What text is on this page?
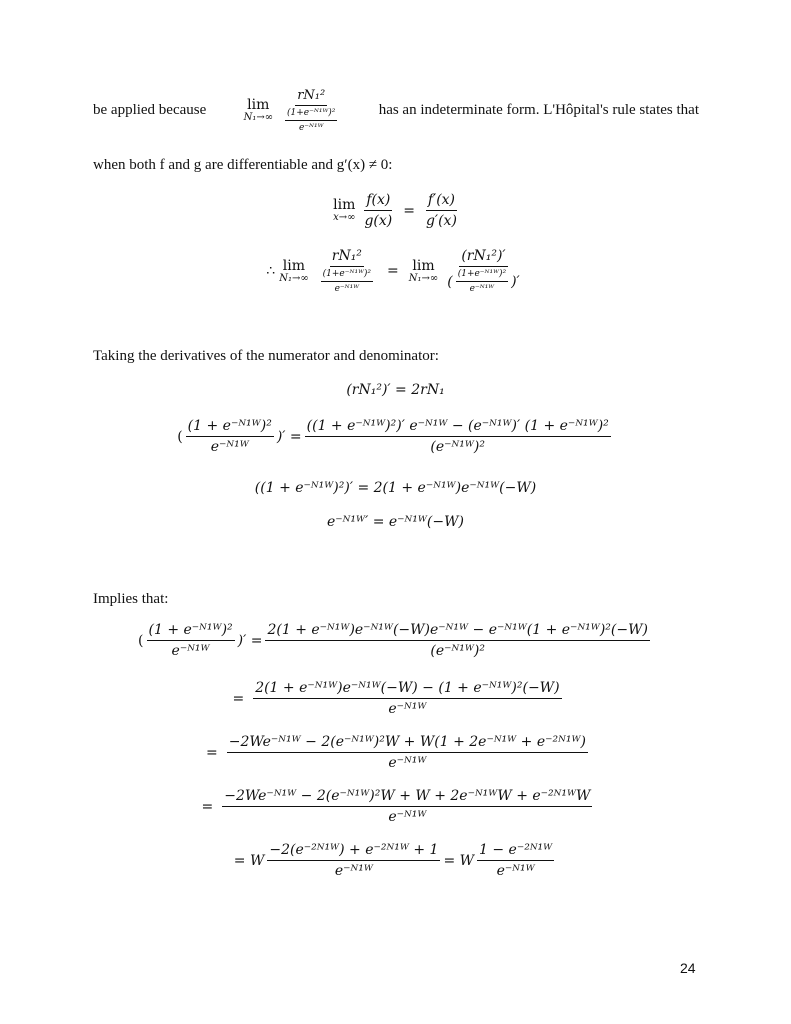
be applied because	lim
$N_1\to\infty \frac{\text{rN₁²}}{\frac{\text{(1+e⁻ᴺ¹ᵂ)²}}{\text{e⁻ᴺ¹ᵂ}}}$ has an indeterminate form. L'Hôpital's rule states that
when both f and g are differentiable and g′(x) ≠ 0:
lim
$x\to\infty \frac{f(x)}{g(x)} = \frac{f'(x)}{g'(x)}$
∴ lim
$N_1\to\infty \frac{\text{rN₁²}}{\frac{\text{(1+e⁻ᴺ¹ᵂ)²}}{\text{e⁻ᴺ¹ᵂ}}} = \lim$
$N_1\to\infty \frac{\text{(rN₁²)′}}{( \frac{\text{(1+e⁻ᴺ¹ᵂ)²}}{\text{e⁻ᴺ¹ᵂ}} )'}$
Taking the derivatives of the numerator and denominator:
(rN₁²)′ = 2rN₁
( $\frac{\text{(1 + e⁻ᴺ¹ᵂ)²}}{\text{e⁻ᴺ¹ᵂ}}$ )′ = $\frac{\text{((1 + e⁻ᴺ¹ᵂ)²)′ e⁻ᴺ¹ᵂ − (e⁻ᴺ¹ᵂ)′ (1 + e⁻ᴺ¹ᵂ)²}}{\text{(e⁻ᴺ¹ᵂ)²}}$
((1 + e⁻ᴺ¹ᵂ)²)′ = 2(1 + e⁻ᴺ¹ᵂ)e⁻ᴺ¹ᵂ(−W)
e⁻ᴺ¹ᵂ′ = e⁻ᴺ¹ᵂ(−W)
Implies that:
( $\frac{\text{(1 + e⁻ᴺ¹ᵂ)²}}{\text{e⁻ᴺ¹ᵂ}}$ )′ = $\frac{\text{2(1 + e⁻ᴺ¹ᵂ)e⁻ᴺ¹ᵂ(−W)e⁻ᴺ¹ᵂ − e⁻ᴺ¹ᵂ(1 + e⁻ᴺ¹ᵂ)²(−W)}}{\text{(e⁻ᴺ¹ᵂ)²}}$
= $\frac{\text{2(1 + e⁻ᴺ¹ᵂ)e⁻ᴺ¹ᵂ(−W) − (1 + e⁻ᴺ¹ᵂ)²(−W)}}{\text{e⁻ᴺ¹ᵂ}}$
= $\frac{\text{−2We⁻ᴺ¹ᵂ − 2(e⁻ᴺ¹ᵂ)²W + W(1 + 2e⁻ᴺ¹ᵂ + e⁻²ᴺ¹ᵂ)}}{\text{e⁻ᴺ¹ᵂ}}$
= $\frac{\text{−2We⁻ᴺ¹ᵂ − 2(e⁻ᴺ¹ᵂ)²W + W + 2e⁻ᴺ¹ᵂW + e⁻²ᴺ¹ᵂW}}{\text{e⁻ᴺ¹ᵂ}}$
= W $\frac{\text{−2(e⁻²ᴺ¹ᵂ) + e⁻²ᴺ¹ᵂ + 1}}{\text{e⁻ᴺ¹ᵂ}} = W \frac{\text{1 − e⁻²ᴺ¹ᵂ}}{\text{e⁻ᴺ¹ᵂ}}$
24
